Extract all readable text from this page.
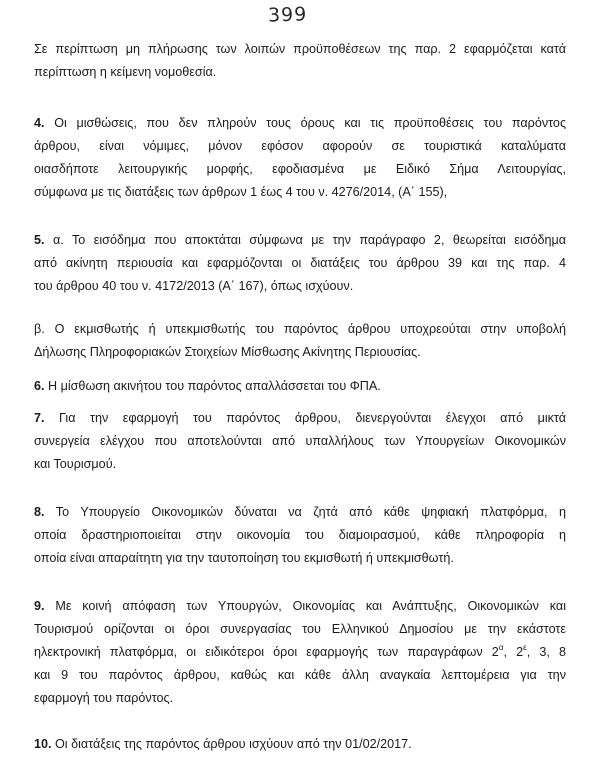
399
Σε περίπτωση μη πλήρωσης των λοιπών προϋποθέσεων της παρ. 2 εφαρμόζεται κατά
περίπτωση η κείμενη νομοθεσία.
4. Οι μισθώσεις, που δεν πληρούν τους όρους και τις προϋποθέσεις του παρόντος
άρθρου, είναι νόμιμες, μόνον εφόσον αφορούν σε τουριστικά καταλύματα
οιασδήποτε λειτουργικής μορφής, εφοδιασμένα με Ειδικό Σήμα Λειτουργίας,
σύμφωνα με τις διατάξεις των άρθρων 1 έως 4 του ν. 4276/2014, (Α΄ 155),
5. α. Το εισόδημα που αποκτάται σύμφωνα με την παράγραφο 2, θεωρείται εισόδημα
από ακίνητη περιουσία και εφαρμόζονται οι διατάξεις του άρθρου 39 και της παρ. 4
του άρθρου 40 του ν. 4172/2013 (Α΄ 167), όπως ισχύουν.
β. Ο εκμισθωτής ή υπεκμισθωτής του παρόντος άρθρου υποχρεούται στην υποβολή
Δήλωσης Πληροφοριακών Στοιχείων Μίσθωσης Ακίνητης Περιουσίας.
6. Η μίσθωση ακινήτου του παρόντος απαλλάσσεται του ΦΠΑ.
7. Για την εφαρμογή του παρόντος άρθρου, διενεργούνται έλεγχοι από μικτά
συνεργεία ελέγχου που αποτελούνται από υπαλλήλους των Υπουργείων Οικονομικών
και Τουρισμού.
8. Το Υπουργείο Οικονομικών δύναται να ζητά από κάθε ψηφιακή πλατφόρμα, η
οποία δραστηριοποιείται στην οικονομία του διαμοιρασμού, κάθε πληροφορία η
οποία είναι απαραίτητη για την ταυτοποίηση του εκμισθωτή ή υπεκμισθωτή.
9. Με κοινή απόφαση των Υπουργών, Οικονομίας και Ανάπτυξης, Οικονομικών και
Τουρισμού ορίζονται οι όροι συνεργασίας του Ελληνικού Δημοσίου με την εκάστοτε
ηλεκτρονική πλατφόρμα, οι ειδικότεροι όροι εφαρμογής των παραγράφων $2^\alpha$, $2^\varepsilon$, 3, 8
και 9 του παρόντος άρθρου, καθώς και κάθε άλλη αναγκαία λεπτομέρεια για την
εφαρμογή του παρόντος.
10. Οι διατάξεις της παρόντος άρθρου ισχύουν από την 01/02/2017.
